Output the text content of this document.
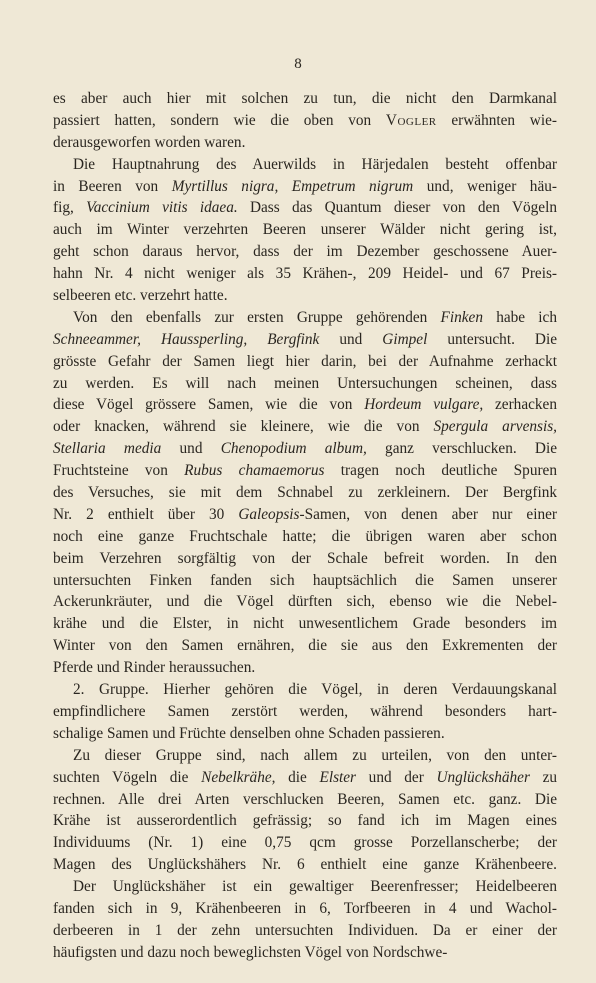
8
es aber auch hier mit solchen zu tun, die nicht den Darmkanal
passiert hatten, sondern wie die oben von Vogler erwähnten wie-
derausgeworfen worden waren.
Die Hauptnahrung des Auerwilds in Härjedalen besteht offenbar
in Beeren von Myrtillus nigra, Empetrum nigrum und, weniger häu-
fig, Vaccinium vitis idaea. Dass das Quantum dieser von den Vögeln
auch im Winter verzehrten Beeren unserer Wälder nicht gering ist,
geht schon daraus hervor, dass der im Dezember geschossene Auer-
hahn Nr. 4 nicht weniger als 35 Krähen-, 209 Heidel- und 67 Preis-
selbeeren etc. verzehrt hatte.
Von den ebenfalls zur ersten Gruppe gehörenden Finken habe ich
Schneeammer, Haussperling, Bergfink und Gimpel untersucht. Die
grösste Gefahr der Samen liegt hier darin, bei der Aufnahme zerhackt
zu werden. Es will nach meinen Untersuchungen scheinen, dass
diese Vögel grössere Samen, wie die von Hordeum vulgare, zerhacken
oder knacken, während sie kleinere, wie die von Spergula arvensis,
Stellaria media und Chenopodium album, ganz verschlucken. Die
Fruchtsteine von Rubus chamaemorus tragen noch deutliche Spuren
des Versuches, sie mit dem Schnabel zu zerkleinern. Der Bergfink
Nr. 2 enthielt über 30 Galeopsis-Samen, von denen aber nur einer
noch eine ganze Fruchtschale hatte; die übrigen waren aber schon
beim Verzehren sorgfältig von der Schale befreit worden. In den
untersuchten Finken fanden sich hauptsächlich die Samen unserer
Ackerunkräuter, und die Vögel dürften sich, ebenso wie die Nebel-
krähe und die Elster, in nicht unwesentlichem Grade besonders im
Winter von den Samen ernähren, die sie aus den Exkrementen der
Pferde und Rinder heraussuchen.
2. Gruppe. Hierher gehören die Vögel, in deren Verdauungskanal
empfindlichere Samen zerstört werden, während besonders hart-
schalige Samen und Früchte denselben ohne Schaden passieren.
Zu dieser Gruppe sind, nach allem zu urteilen, von den unter-
suchten Vögeln die Nebelkrähe, die Elster und der Unglückshäher zu
rechnen. Alle drei Arten verschlucken Beeren, Samen etc. ganz. Die
Krähe ist ausserordentlich gefrässig; so fand ich im Magen eines
Individuums (Nr. 1) eine 0,75 qcm grosse Porzellanscherbe; der
Magen des Unglückshähers Nr. 6 enthielt eine ganze Krähenbeere.
Der Unglückshäher ist ein gewaltiger Beerenfresser; Heidelbeeren
fanden sich in 9, Krähenbeeren in 6, Torfbeeren in 4 und Wachol-
derbeeren in 1 der zehn untersuchten Individuen. Da er einer der
häufigsten und dazu noch beweglichsten Vögel von Nordschwe-
